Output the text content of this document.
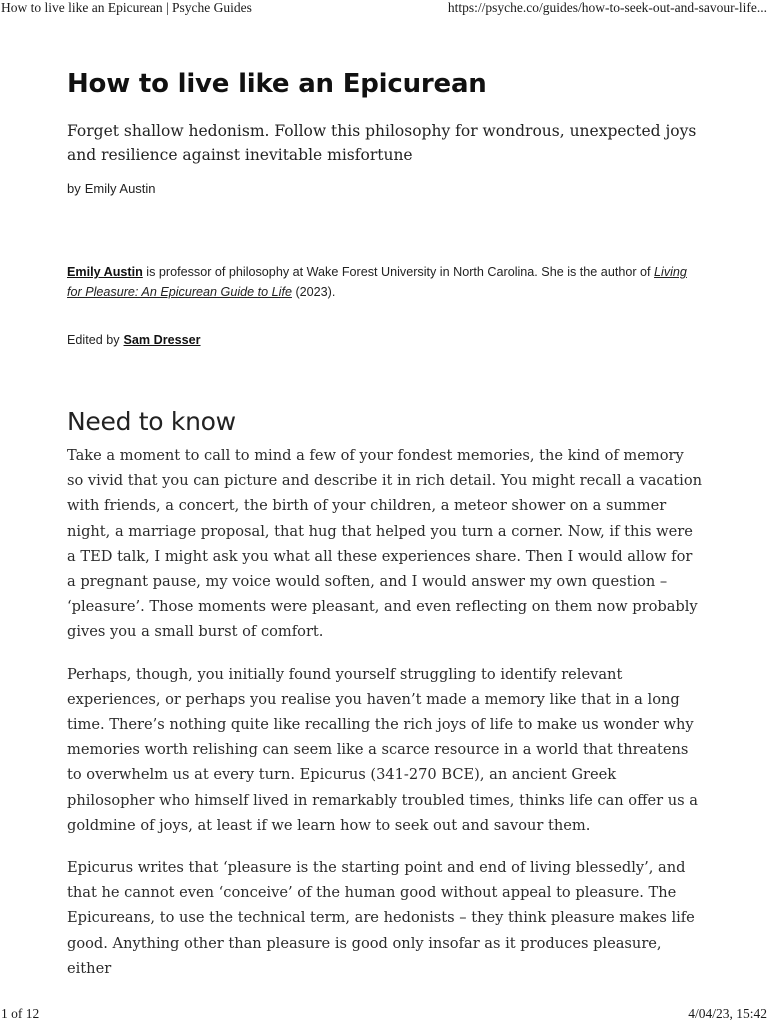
How to live like an Epicurean | Psyche Guides	https://psyche.co/guides/how-to-seek-out-and-savour-life...
How to live like an Epicurean

Forget shallow hedonism. Follow this philosophy for wondrous, unexpected joys and resilience against inevitable misfortune

by Emily Austin

Emily Austin is professor of philosophy at Wake Forest University in North Carolina. She is the author of Living for Pleasure: An Epicurean Guide to Life (2023).

Edited by Sam Dresser

Need to know

Take a moment to call to mind a few of your fondest memories, the kind of memory so vivid that you can picture and describe it in rich detail. You might recall a vacation with friends, a concert, the birth of your children, a meteor shower on a summer night, a marriage proposal, that hug that helped you turn a corner. Now, if this were a TED talk, I might ask you what all these experiences share. Then I would allow for a pregnant pause, my voice would soften, and I would answer my own question – ‘pleasure’. Those moments were pleasant, and even reflecting on them now probably gives you a small burst of comfort.

Perhaps, though, you initially found yourself struggling to identify relevant experiences, or perhaps you realise you haven’t made a memory like that in a long time. There’s nothing quite like recalling the rich joys of life to make us wonder why memories worth relishing can seem like a scarce resource in a world that threatens to overwhelm us at every turn. Epicurus (341-270 BCE), an ancient Greek philosopher who himself lived in remarkably troubled times, thinks life can offer us a goldmine of joys, at least if we learn how to seek out and savour them.

Epicurus writes that ‘pleasure is the starting point and end of living blessedly’, and that he cannot even ‘conceive’ of the human good without appeal to pleasure. The Epicureans, to use the technical term, are hedonists – they think pleasure makes life good. Anything other than pleasure is good only insofar as it produces pleasure, either

1 of 12	4/04/23, 15:42
